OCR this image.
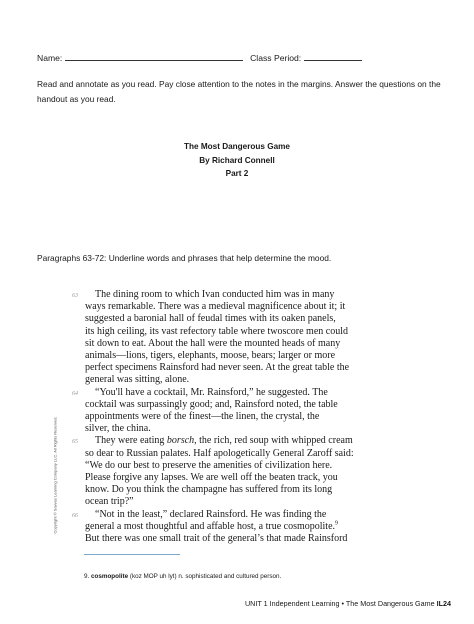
Name:	Class Period:
Read and annotate as you read. Pay close attention to the notes in the margins. Answer the questions on the handout as you read.
The Most Dangerous Game
By Richard Connell
Part 2
Paragraphs 63-72: Underline words and phrases that help determine the mood.
Copyright © Savvas Learning Company LLC. All Rights Reserved.
63	The dining room to which Ivan conducted him was in many
ways remarkable. There was a medieval magnificence about it; it
suggested a baronial hall of feudal times with its oaken panels,
its high ceiling, its vast refectory table where twoscore men could
sit down to eat. About the hall were the mounted heads of many
animals—lions, tigers, elephants, moose, bears; larger or more
perfect specimens Rainsford had never seen. At the great table the
general was sitting, alone.
64	“You'll have a cocktail, Mr. Rainsford,” he suggested. The
cocktail was surpassingly good; and, Rainsford noted, the table
appointments were of the finest—the linen, the crystal, the
silver, the china.
65	They were eating borsch, the rich, red soup with whipped cream
so dear to Russian palates. Half apologetically General Zaroff said:
“We do our best to preserve the amenities of civilization here.
Please forgive any lapses. We are well off the beaten track, you
know. Do you think the champagne has suffered from its long
ocean trip?”
66	“Not in the least,” declared Rainsford. He was finding the
general a most thoughtful and affable host, a true cosmopolite.$^9$
But there was one small trait of the general’s that made Rainsford
9. cosmopolite (koz MOP uh lyt) n. sophisticated and cultured person.
UNIT 1 Independent Learning • The Most Dangerous Game IL24
